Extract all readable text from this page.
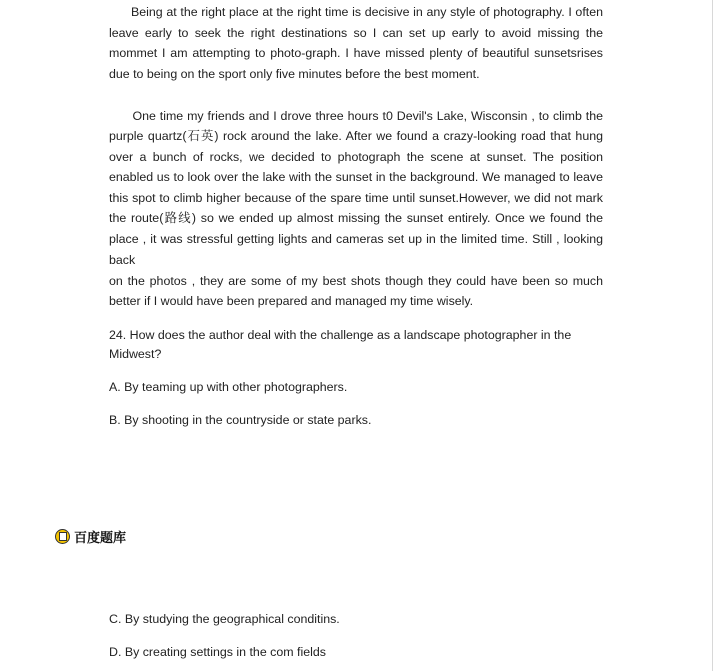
Being at the right place at the right time is decisive in any style of photography. I often
leave early to seek the right destinations so I can set up early to avoid missing the
mommet I am attempting to photo-graph. I have missed plenty of beautiful sunsetsrises
due to being on the sport only five minutes before the best moment.
One time my friends and I drove three hours t0 Devil's Lake, Wisconsin , to climb the
purple quartz(石英) rock around the lake. After we found a crazy-looking road that hung
over a bunch of rocks, we decided to photograph the scene at sunset. The position
enabled us to look over the lake with the sunset in the background. We managed to leave
this spot to climb higher because of the spare time until sunset.However, we did not mark
the route(路线) so we ended up almost missing the sunset entirely. Once we found the
place , it was stressful getting lights and cameras set up in the limited time. Still , looking
back
on the photos , they are some of my best shots though they could have been so much
better if I would have been prepared and managed my time wisely.
24. How does the author deal with the challenge as a landscape photographer in the
Midwest?
A. By teaming up with other photographers.
B. By shooting in the countryside or state parks.
百度题库
C. By studying the geographical conditins.
D. By creating settings in the com fields
